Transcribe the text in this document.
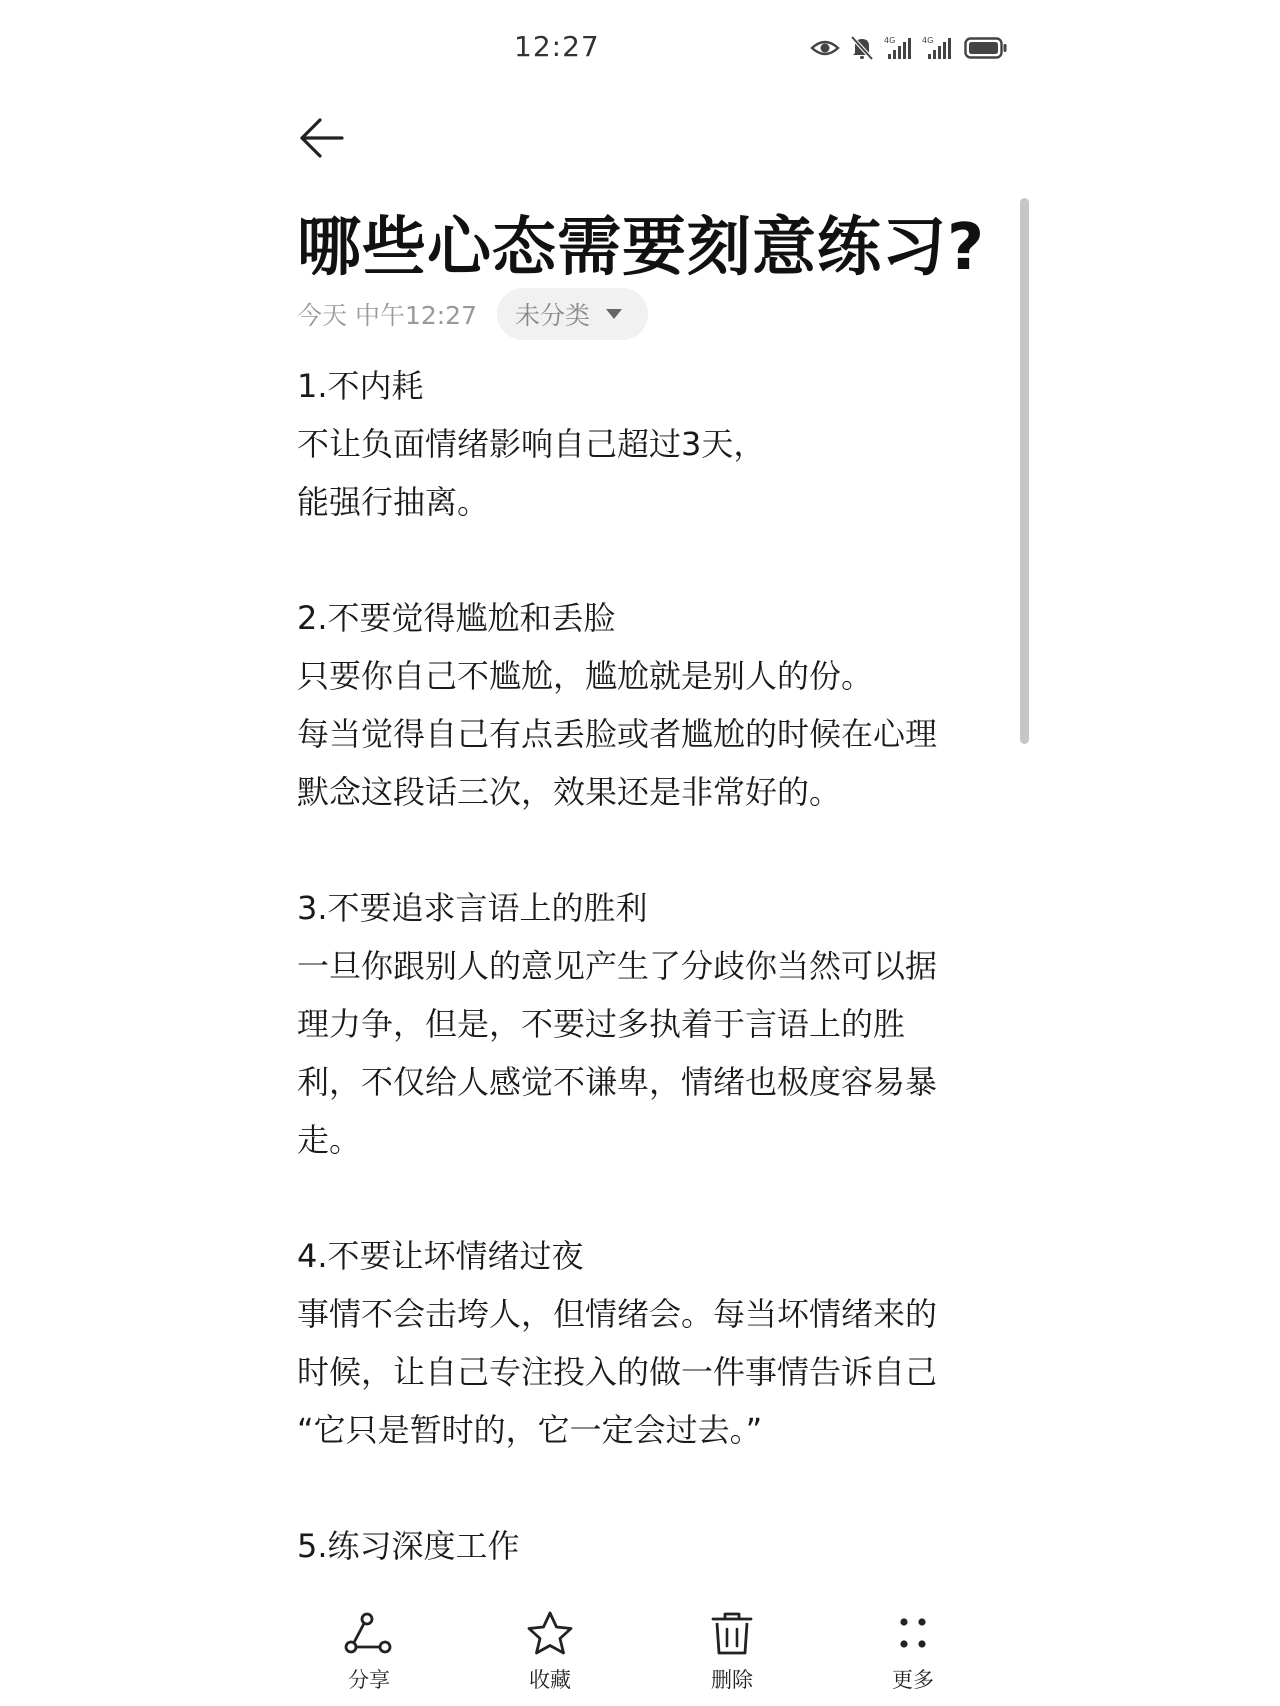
12:27	4G	4G
哪些心态需要刻意练习?
今天 中午12:27 未分类
1.不内耗
不让负面情绪影响自己超过3天，
能强行抽离。
2.不要觉得尴尬和丢脸
只要你自己不尴尬，尴尬就是别人的份。
每当觉得自己有点丢脸或者尴尬的时候在心理
默念这段话三次，效果还是非常好的。
3.不要追求言语上的胜利
一旦你跟别人的意见产生了分歧你当然可以据
理力争，但是，不要过多执着于言语上的胜
利，不仅给人感觉不谦卑，情绪也极度容易暴
走。
4.不要让坏情绪过夜
事情不会击垮人，但情绪会。每当坏情绪来的
时候，让自己专注投入的做一件事情告诉自己
“它只是暂时的，它一定会过去。”
5.练习深度工作
分享	收藏	删除	更多
